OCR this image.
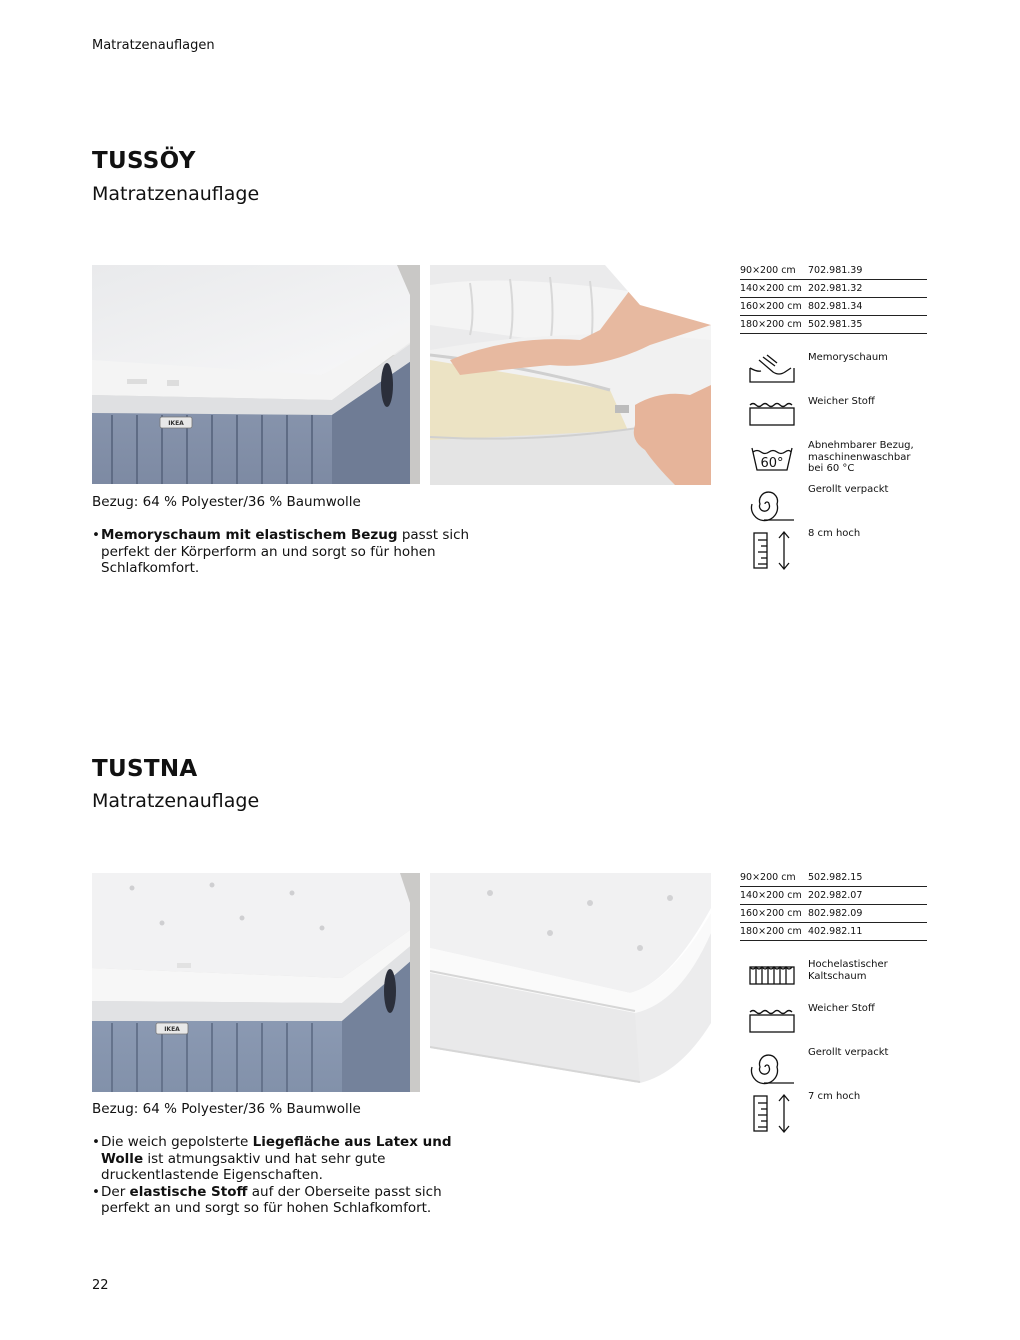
Matratzenauflagen
TUSSÖY
Matratzenauflage
IKEA
Bezug: 64 % Polyester/36 % Baumwolle
• Memoryschaum mit elastischem Bezug passt sich perfekt der Körperform an und sorgt so für hohen Schlafkomfort.
90×200 cm	702.981.39
140×200 cm	202.981.32
160×200 cm	802.981.34
180×200 cm	502.981.35
Memoryschaum
Weicher Stoff
60°
Abnehmbarer Bezug, maschinenwaschbar bei 60 °C
Gerollt verpackt
8 cm hoch
TUSTNA
Matratzenauflage
IKEA
Bezug: 64 % Polyester/36 % Baumwolle
• Die weich gepolsterte Liegefläche aus Latex und Wolle ist atmungsaktiv und hat sehr gute druckentlastende Eigenschaften.
• Der elastische Stoff auf der Oberseite passt sich perfekt an und sorgt so für hohen Schlafkomfort.
90×200 cm	502.982.15
140×200 cm	202.982.07
160×200 cm	802.982.09
180×200 cm	402.982.11
Hochelastischer Kaltschaum
Weicher Stoff
Gerollt verpackt
7 cm hoch
22
